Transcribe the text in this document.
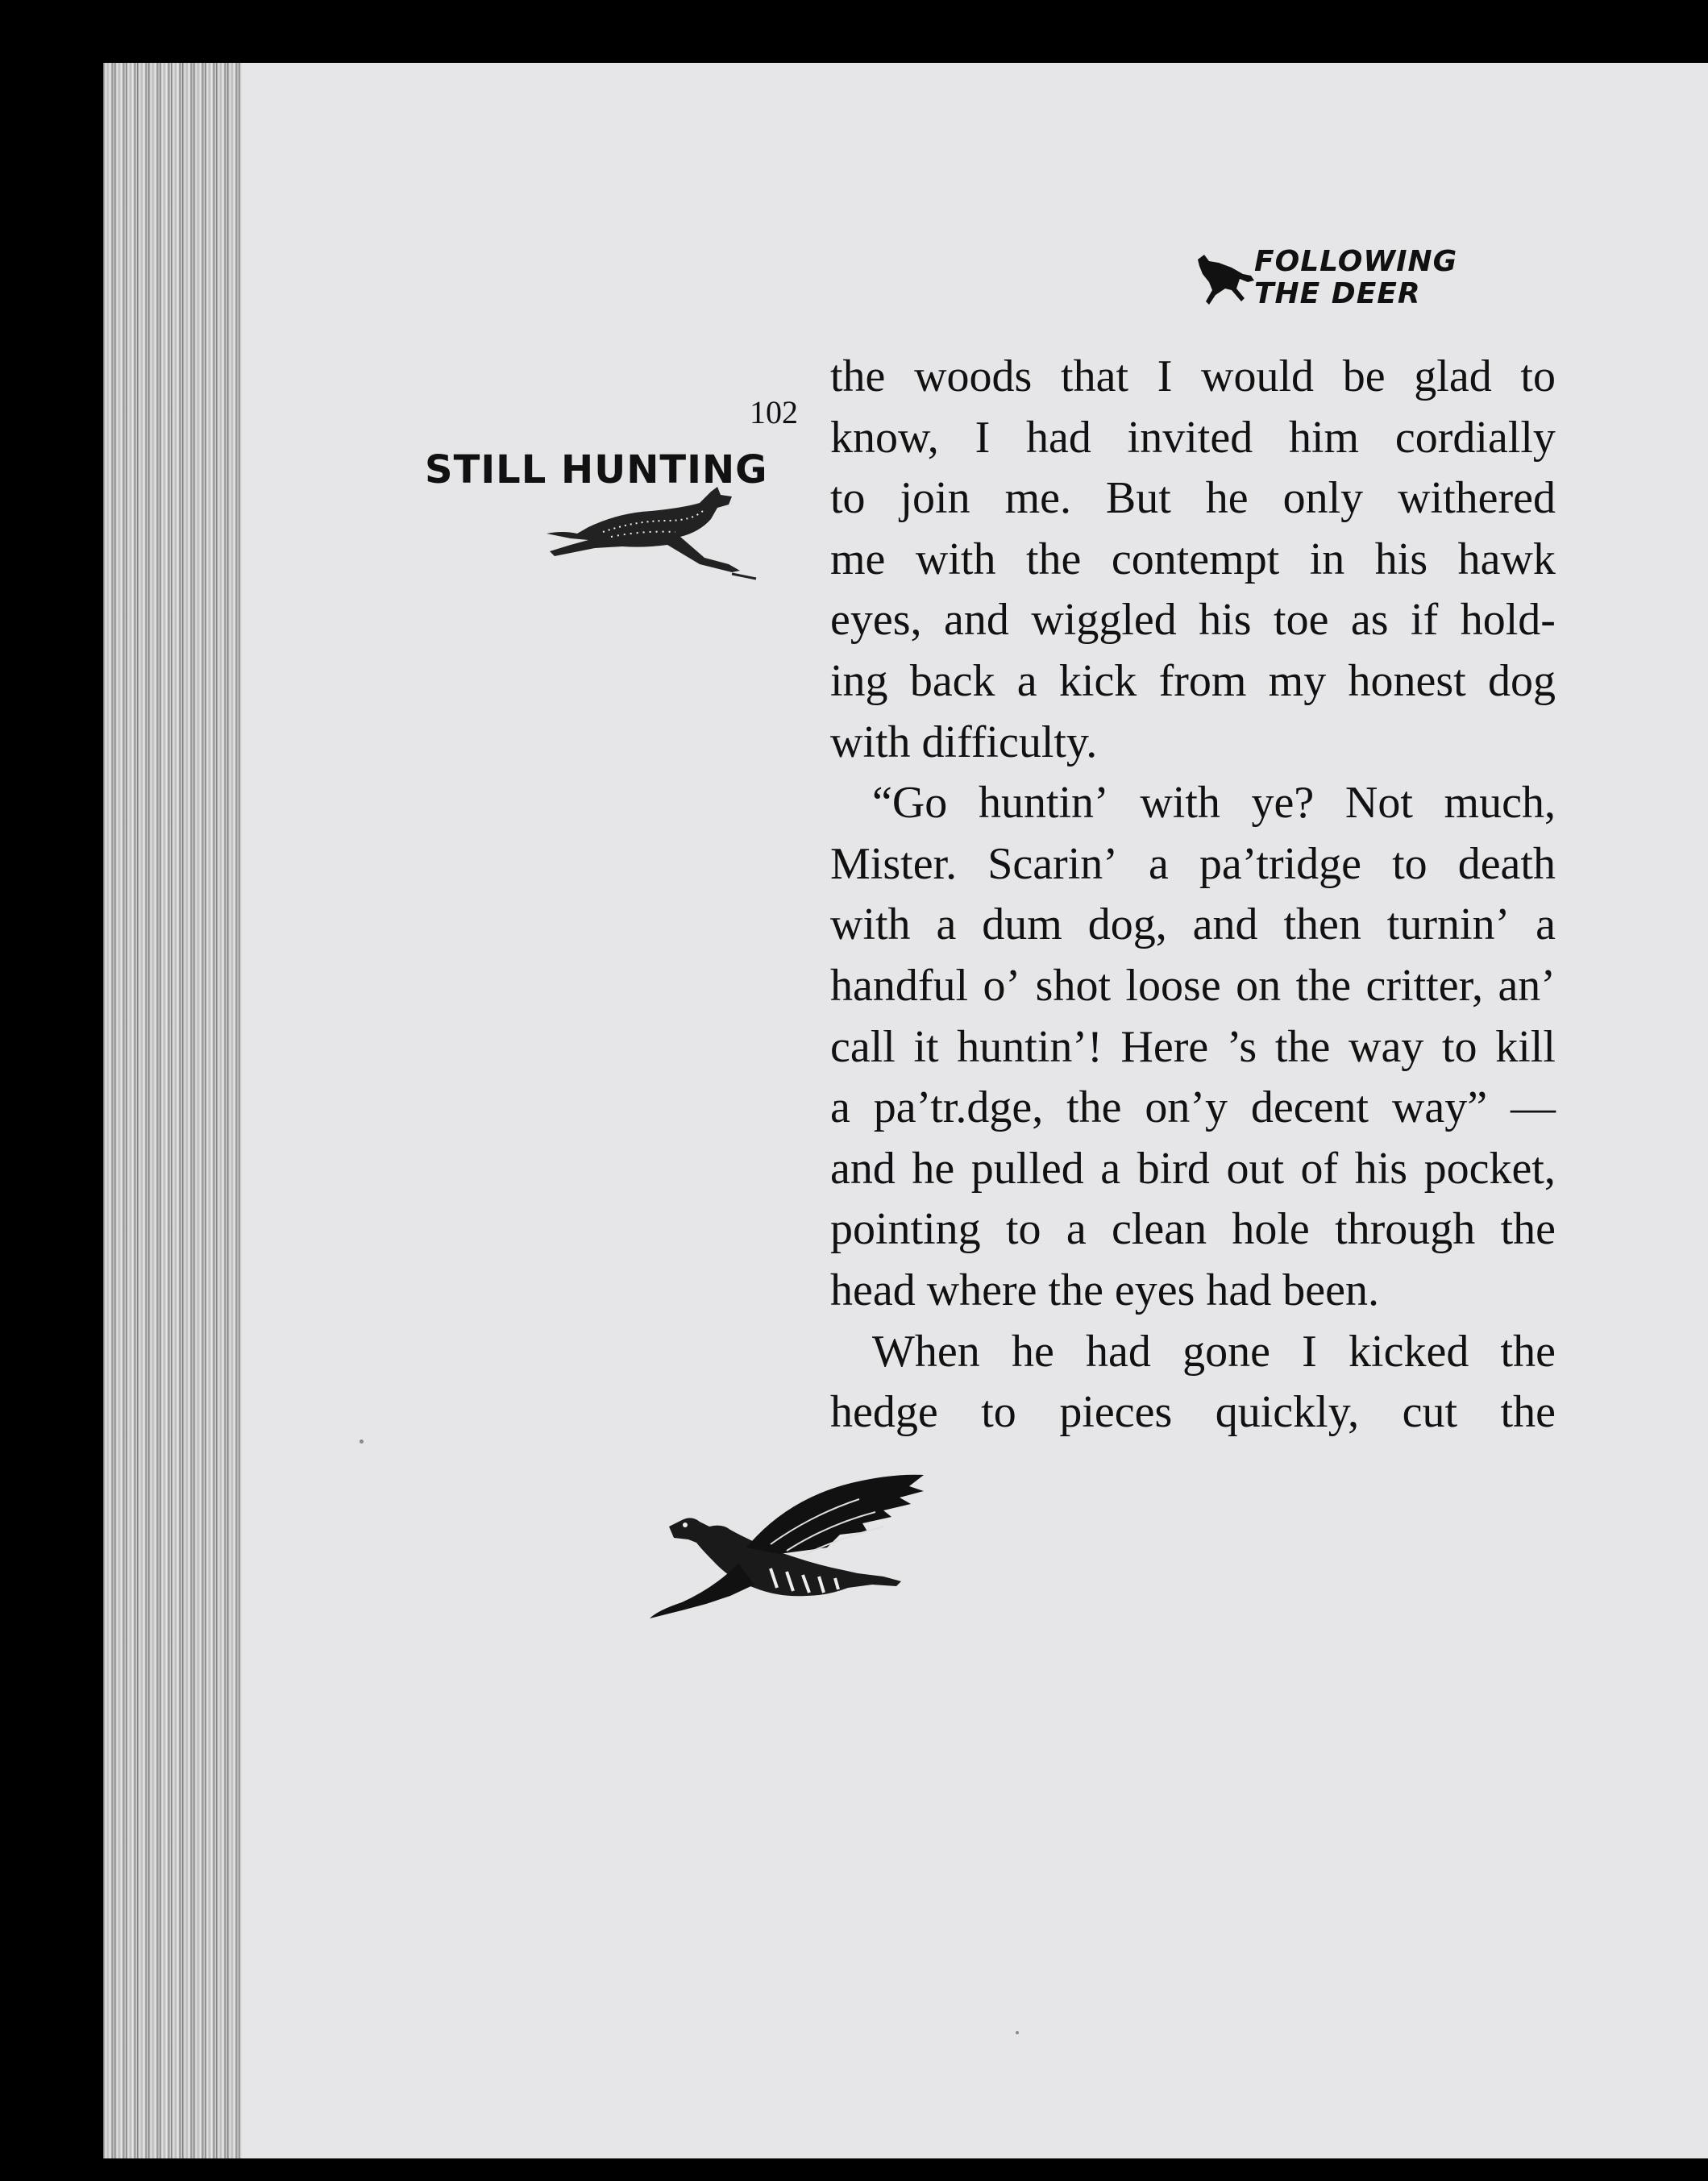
FOLLOWING
THE DEER
102
STILL HUNTING
the woods that I would be glad to
know, I had invited him cordially
to join me. But he only withered
me with the contempt in his hawk
eyes, and wiggled his toe as if hold-
ing back a kick from my honest dog
with difficulty.
“Go huntin’ with ye? Not much,
Mister. Scarin’ a pa’tridge to death
with a dum dog, and then turnin’ a
handful o’ shot loose on the critter, an’
call it huntin’! Here ’s the way to kill
a pa’tr.dge, the on’y decent way” —
and he pulled a bird out of his pocket,
pointing to a clean hole through the
head where the eyes had been.
When he had gone I kicked the
hedge to pieces quickly, cut the
